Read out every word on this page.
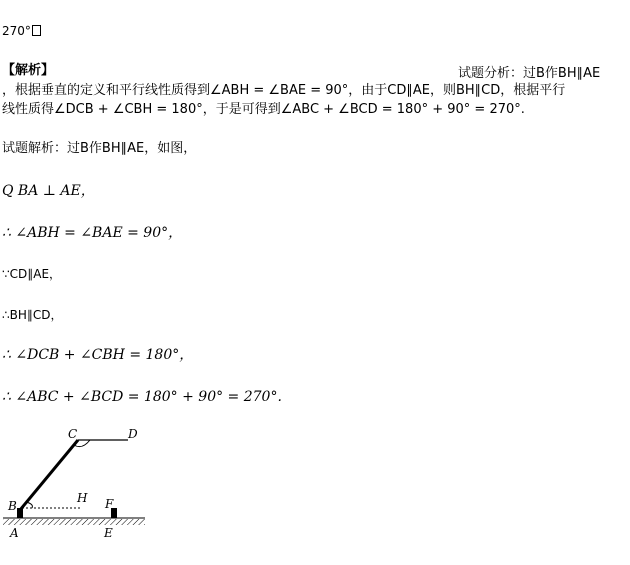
270°
【解析】	试题分析：过B作BH∥AE
，根据垂直的定义和平行线性质得到∠ABH = ∠BAE = 90°，由于CD∥AE，则BH∥CD，根据平行
线性质得∠DCB + ∠CBH = 180°，于是可得到∠ABC + ∠BCD = 180° + 90° = 270°.
试题解析：过B作BH∥AE，如图，
Q BA ⊥ AE，
∴ ∠ABH = ∠BAE = 90°，
∵CD∥AE，
∴BH∥CD，
∴ ∠DCB + ∠CBH = 180°，
∴ ∠ABC + ∠BCD = 180° + 90° = 270°.
C	D
B
H F
A	E
